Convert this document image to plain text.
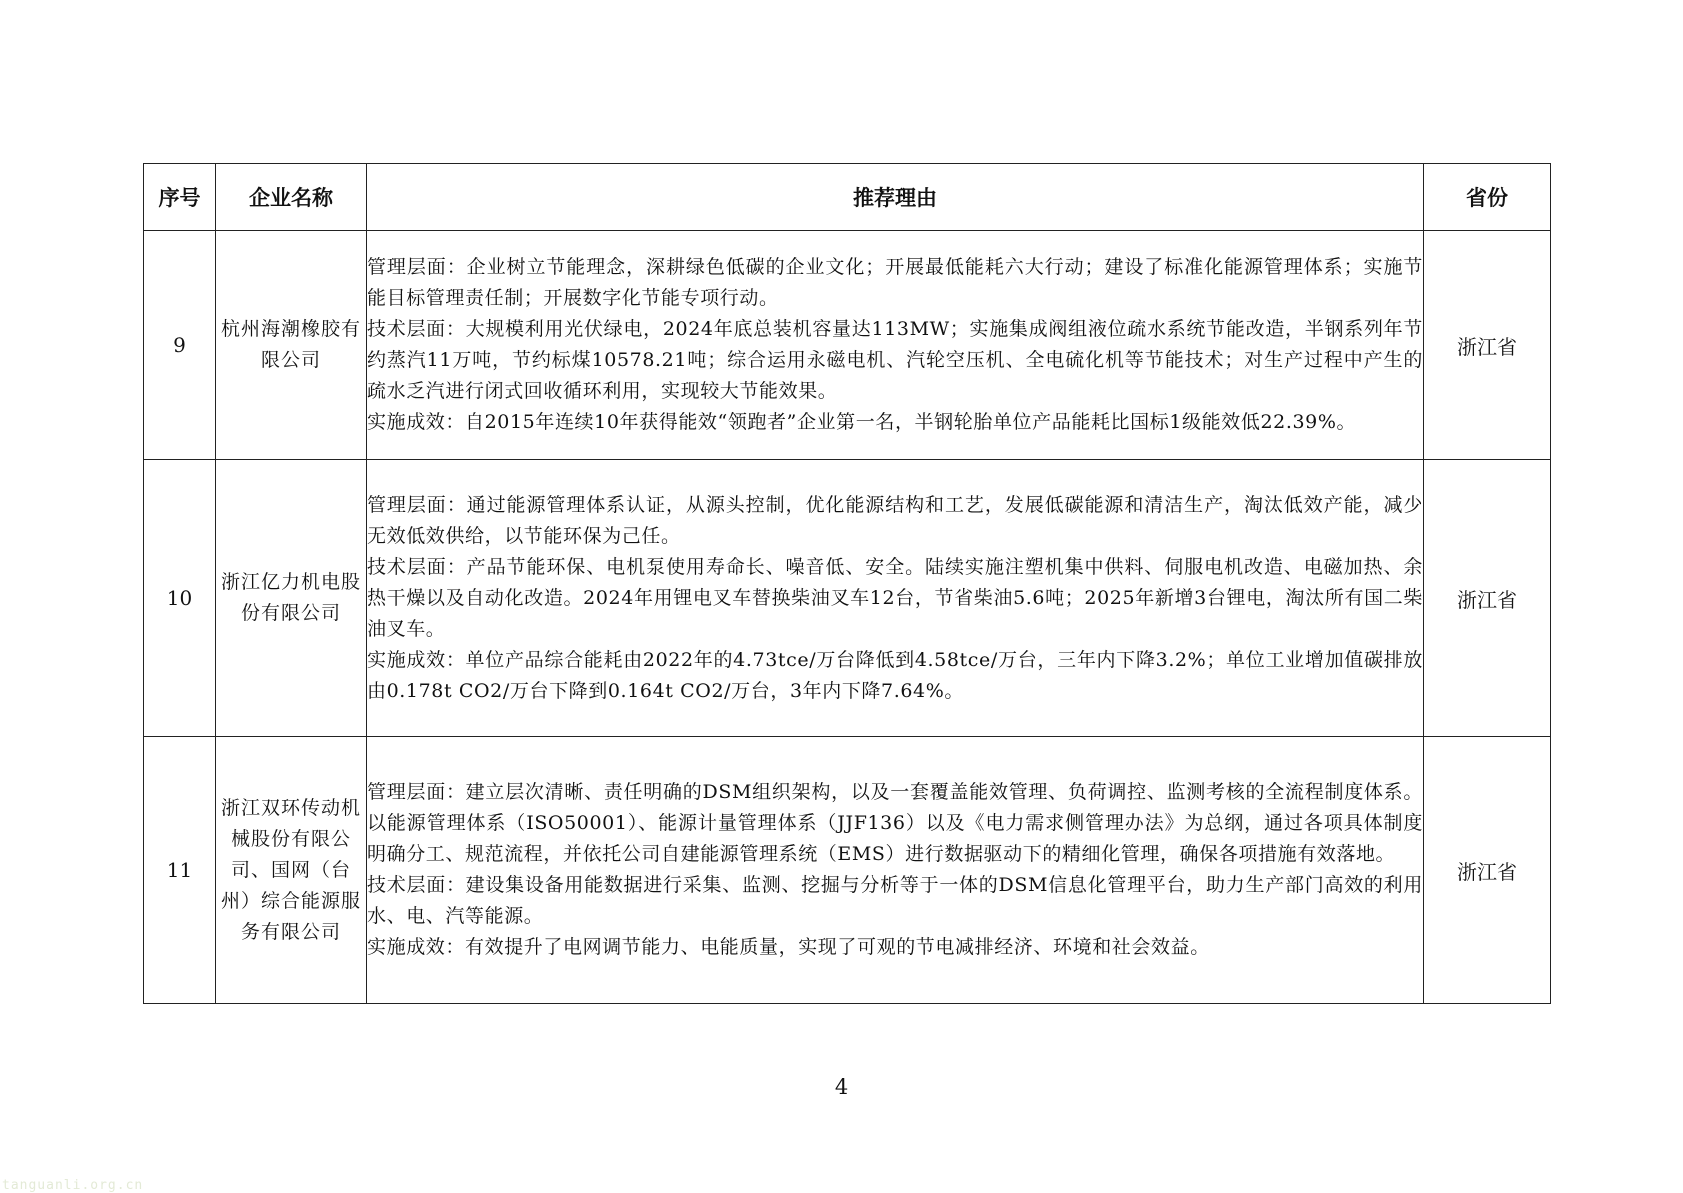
序号	企业名称	推荐理由	省份
9	杭州海潮橡胶有限公司	管理层面：企业树立节能理念，深耕绿色低碳的企业文化；开展最低能耗六大行动；建设了标准化能源管理体系；实施节能目标管理责任制；开展数字化节能专项行动。

技术层面：大规模利用光伏绿电，2024年底总装机容量达113MW；实施集成阀组液位疏水系统节能改造，半钢系列年节约蒸汽11万吨，节约标煤10578.21吨；综合运用永磁电机、汽轮空压机、全电硫化机等节能技术；对生产过程中产生的疏水乏汽进行闭式回收循环利用，实现较大节能效果。

实施成效：自2015年连续10年获得能效“领跑者”企业第一名，半钢轮胎单位产品能耗比国标1级能效低22.39%。	浙江省
10	浙江亿力机电股份有限公司	管理层面：通过能源管理体系认证，从源头控制，优化能源结构和工艺，发展低碳能源和清洁生产，淘汰低效产能，减少无效低效供给，以节能环保为己任。

技术层面：产品节能环保、电机泵使用寿命长、噪音低、安全。陆续实施注塑机集中供料、伺服电机改造、电磁加热、余热干燥以及自动化改造。2024年用锂电叉车替换柴油叉车12台，节省柴油5.6吨；2025年新增3台锂电，淘汰所有国二柴油叉车。

实施成效：单位产品综合能耗由2022年的4.73tce/万台降低到4.58tce/万台，三年内下降3.2%；单位工业增加值碳排放由0.178t CO2/万台下降到0.164t CO2/万台，3年内下降7.64%。	浙江省
11	浙江双环传动机械股份有限公司、国网（台州）综合能源服务有限公司	管理层面：建立层次清晰、责任明确的DSM组织架构，以及一套覆盖能效管理、负荷调控、监测考核的全流程制度体系。以能源管理体系（ISO50001）、能源计量管理体系（JJF136）以及《电力需求侧管理办法》为总纲，通过各项具体制度明确分工、规范流程，并依托公司自建能源管理系统（EMS）进行数据驱动下的精细化管理，确保各项措施有效落地。

技术层面：建设集设备用能数据进行采集、监测、挖掘与分析等于一体的DSM信息化管理平台，助力生产部门高效的利用水、电、汽等能源。

实施成效：有效提升了电网调节能力、电能质量，实现了可观的节电减排经济、环境和社会效益。	浙江省
4
tanguanli.org.cn
